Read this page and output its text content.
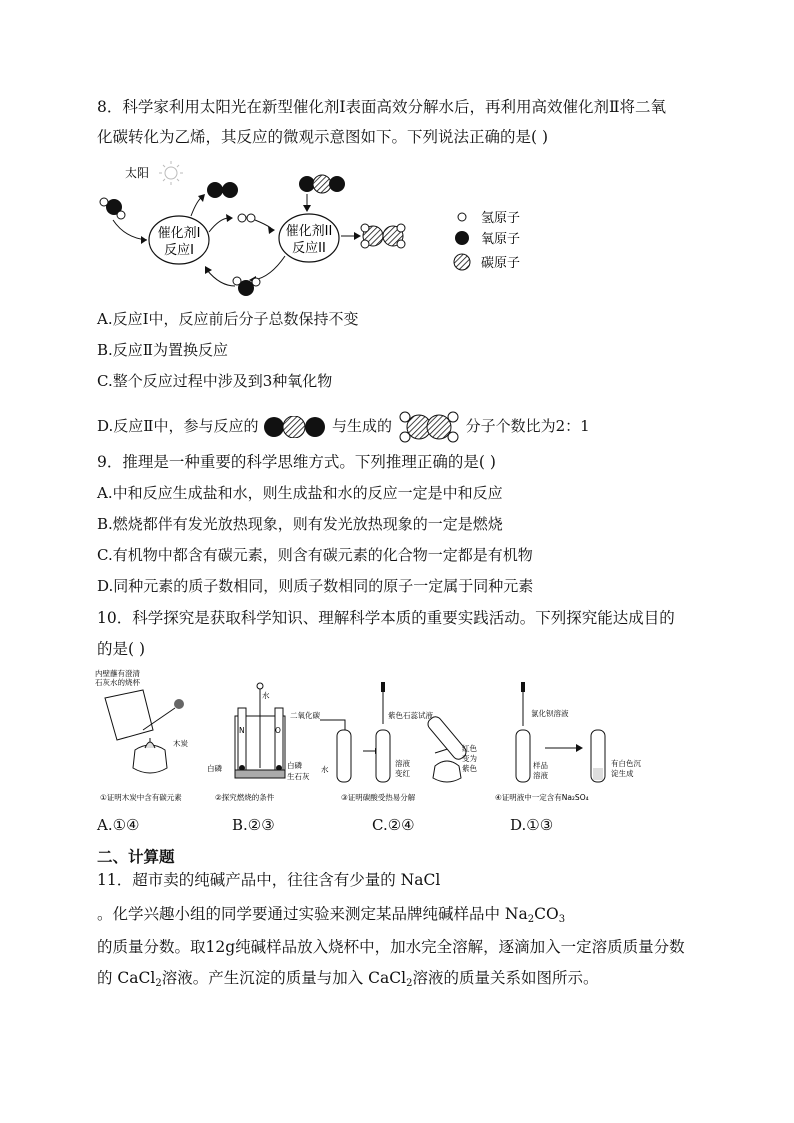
8．科学家利用太阳光在新型催化剂Ⅰ表面高效分解水后，再利用高效催化剂Ⅱ将二氧
化碳转化为乙烯，其反应的微观示意图如下。下列说法正确的是( )
太阳
催化剂I
反应I
催化剂II
反应II
氢原子
氧原子
碳原子
A.反应Ⅰ中，反应前后分子总数保持不变
B.反应Ⅱ为置换反应
C.整个反应过程中涉及到3种氧化物
D.反应Ⅱ中，参与反应的	与生成的	分子个数比为2：1
9．推理是一种重要的科学思维方式。下列推理正确的是( )
A.中和反应生成盐和水，则生成盐和水的反应一定是中和反应
B.燃烧都伴有发光放热现象，则有发光放热现象的一定是燃烧
C.有机物中都含有碳元素，则含有碳元素的化合物一定都是有机物
D.同种元素的质子数相同，则质子数相同的原子一定属于同种元素
10．科学探究是获取科学知识、理解科学本质的重要实践活动。下列探究能达成目的
的是( )
内壁蘸有澄清
石灰水的烧杯
木炭
①证明木炭中含有碳元素
水
N	O
白磷	白磷
生石灰
②探究燃烧的条件
二氧化碳
水
紫色石蕊试液
溶液
变红
红色
变为
紫色
③证明碳酸受热易分解
氯化钡溶液
样品
溶液
有白色沉
淀生成
④证明液中一定含有Na₂SO₄
A.①④	B.②③	C.②④	D.①③
二、计算题
11．超市卖的纯碱产品中，往往含有少量的 NaCl
。化学兴趣小组的同学要通过实验来测定某品牌纯碱样品中 $Na_2CO_3$
的质量分数。取12g纯碱样品放入烧杯中，加水完全溶解，逐滴加入一定溶质质量分数
的 CaCl$_2$溶液。产生沉淀的质量与加入 CaCl$_2$溶液的质量关系如图所示。
